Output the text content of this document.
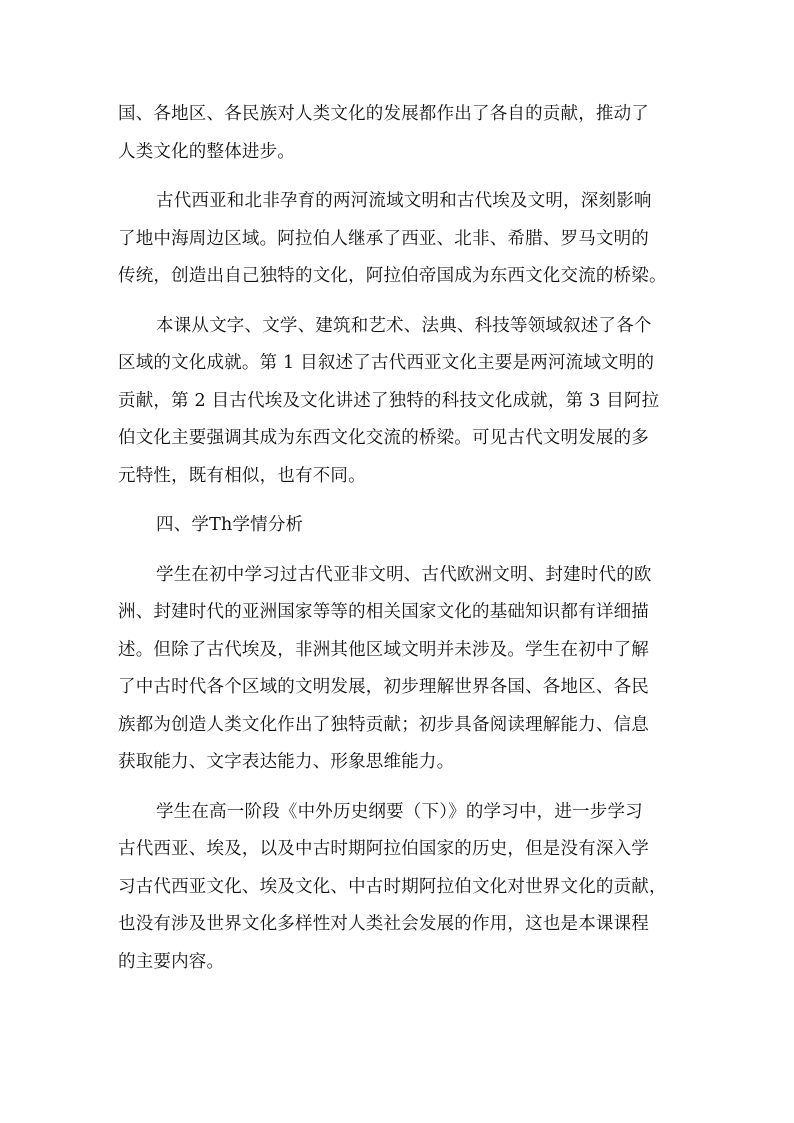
国、各地区、各民族对人类文化的发展都作出了各自的贡献，推动了
人类文化的整体进步。

古代西亚和北非孕育的两河流域文明和古代埃及文明，深刻影响
了地中海周边区域。阿拉伯人继承了西亚、北非、希腊、罗马文明的
传统，创造出自己独特的文化，阿拉伯帝国成为东西文化交流的桥梁。

本课从文字、文学、建筑和艺术、法典、科技等领域叙述了各个
区域的文化成就。第 1 目叙述了古代西亚文化主要是两河流域文明的
贡献，第 2 目古代埃及文化讲述了独特的科技文化成就，第 3 目阿拉
伯文化主要强调其成为东西文化交流的桥梁。可见古代文明发展的多
元特性，既有相似，也有不同。

四、学Th学情分析

学生在初中学习过古代亚非文明、古代欧洲文明、封建时代的欧
洲、封建时代的亚洲国家等等的相关国家文化的基础知识都有详细描
述。但除了古代埃及，非洲其他区域文明并未涉及。学生在初中了解
了中古时代各个区域的文明发展，初步理解世界各国、各地区、各民
族都为创造人类文化作出了独特贡献；初步具备阅读理解能力、信息
获取能力、文字表达能力、形象思维能力。

学生在高一阶段《中外历史纲要（下）》的学习中，进一步学习
古代西亚、埃及，以及中古时期阿拉伯国家的历史，但是没有深入学
习古代西亚文化、埃及文化、中古时期阿拉伯文化对世界文化的贡献，
也没有涉及世界文化多样性对人类社会发展的作用，这也是本课课程
的主要内容。
